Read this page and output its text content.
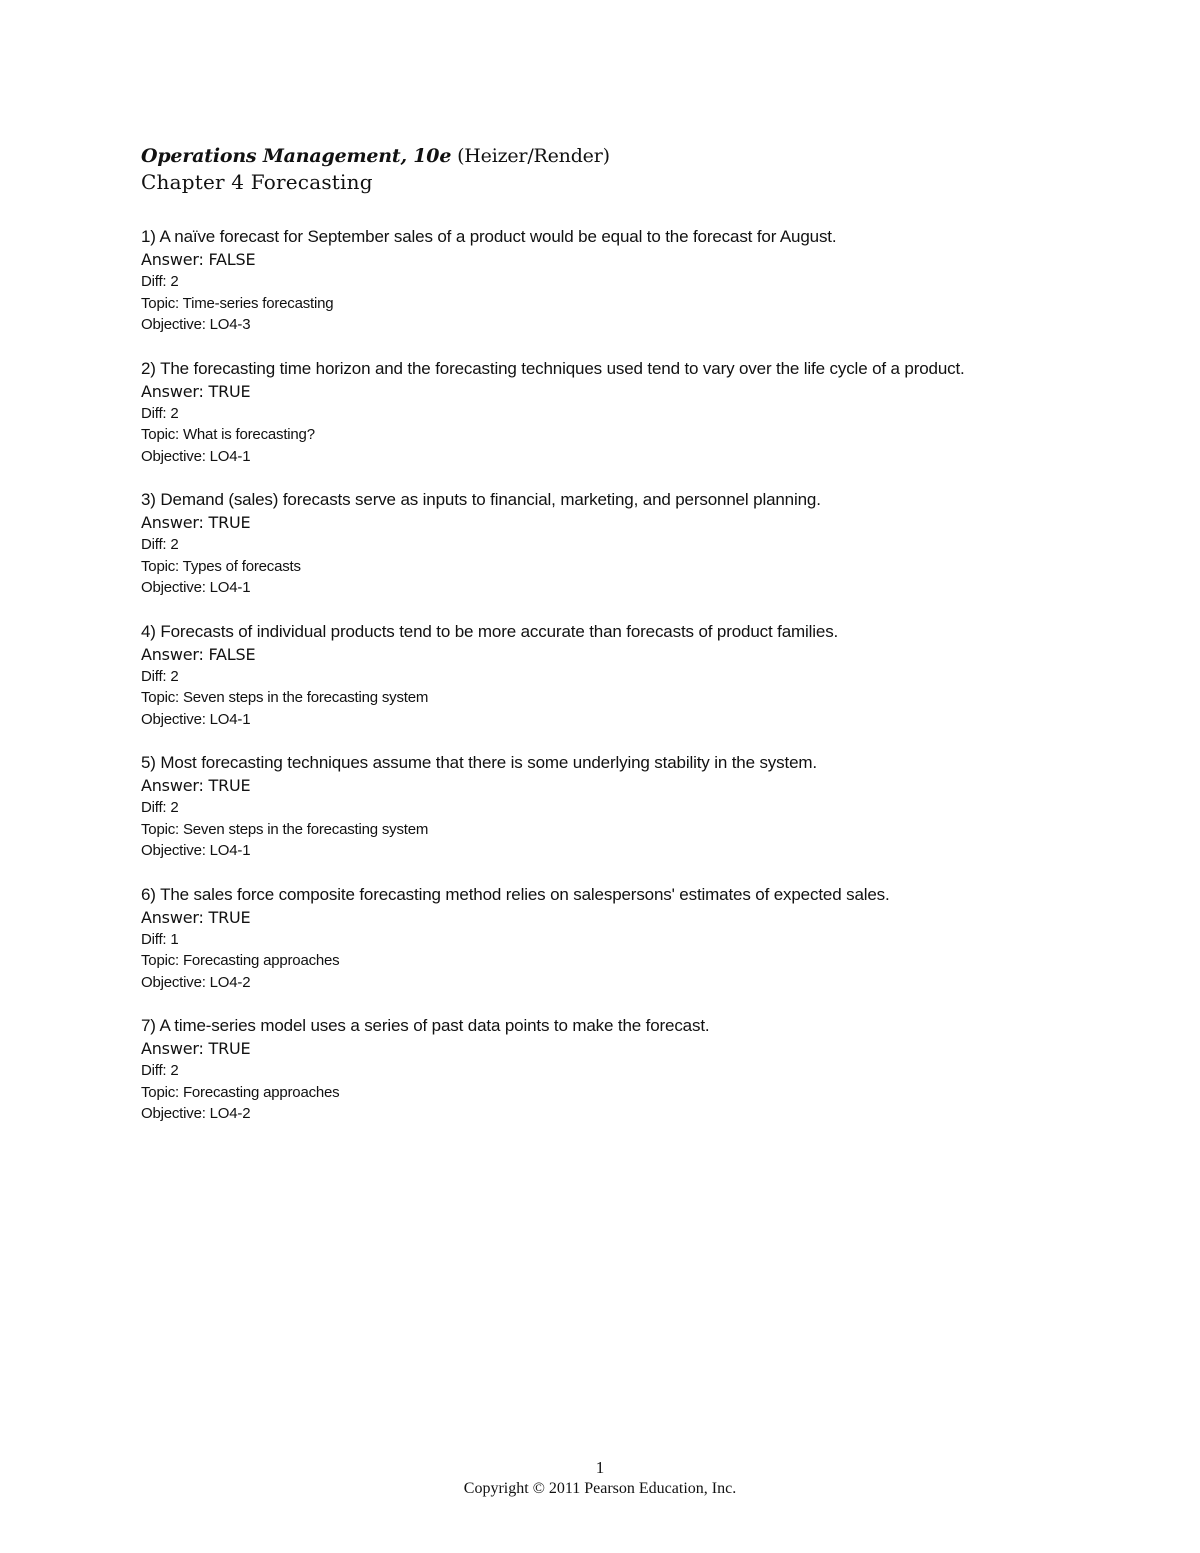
Operations Management, 10e (Heizer/Render)
Chapter 4 Forecasting
1) A naïve forecast for September sales of a product would be equal to the forecast for August.
Answer: FALSE
Diff: 2
Topic: Time-series forecasting
Objective: LO4-3
2) The forecasting time horizon and the forecasting techniques used tend to vary over the life cycle of a product.
Answer: TRUE
Diff: 2
Topic: What is forecasting?
Objective: LO4-1
3) Demand (sales) forecasts serve as inputs to financial, marketing, and personnel planning.
Answer: TRUE
Diff: 2
Topic: Types of forecasts
Objective: LO4-1
4) Forecasts of individual products tend to be more accurate than forecasts of product families.
Answer: FALSE
Diff: 2
Topic: Seven steps in the forecasting system
Objective: LO4-1
5) Most forecasting techniques assume that there is some underlying stability in the system.
Answer: TRUE
Diff: 2
Topic: Seven steps in the forecasting system
Objective: LO4-1
6) The sales force composite forecasting method relies on salespersons' estimates of expected sales.
Answer: TRUE
Diff: 1
Topic: Forecasting approaches
Objective: LO4-2
7) A time-series model uses a series of past data points to make the forecast.
Answer: TRUE
Diff: 2
Topic: Forecasting approaches
Objective: LO4-2
1
Copyright © 2011 Pearson Education, Inc.
